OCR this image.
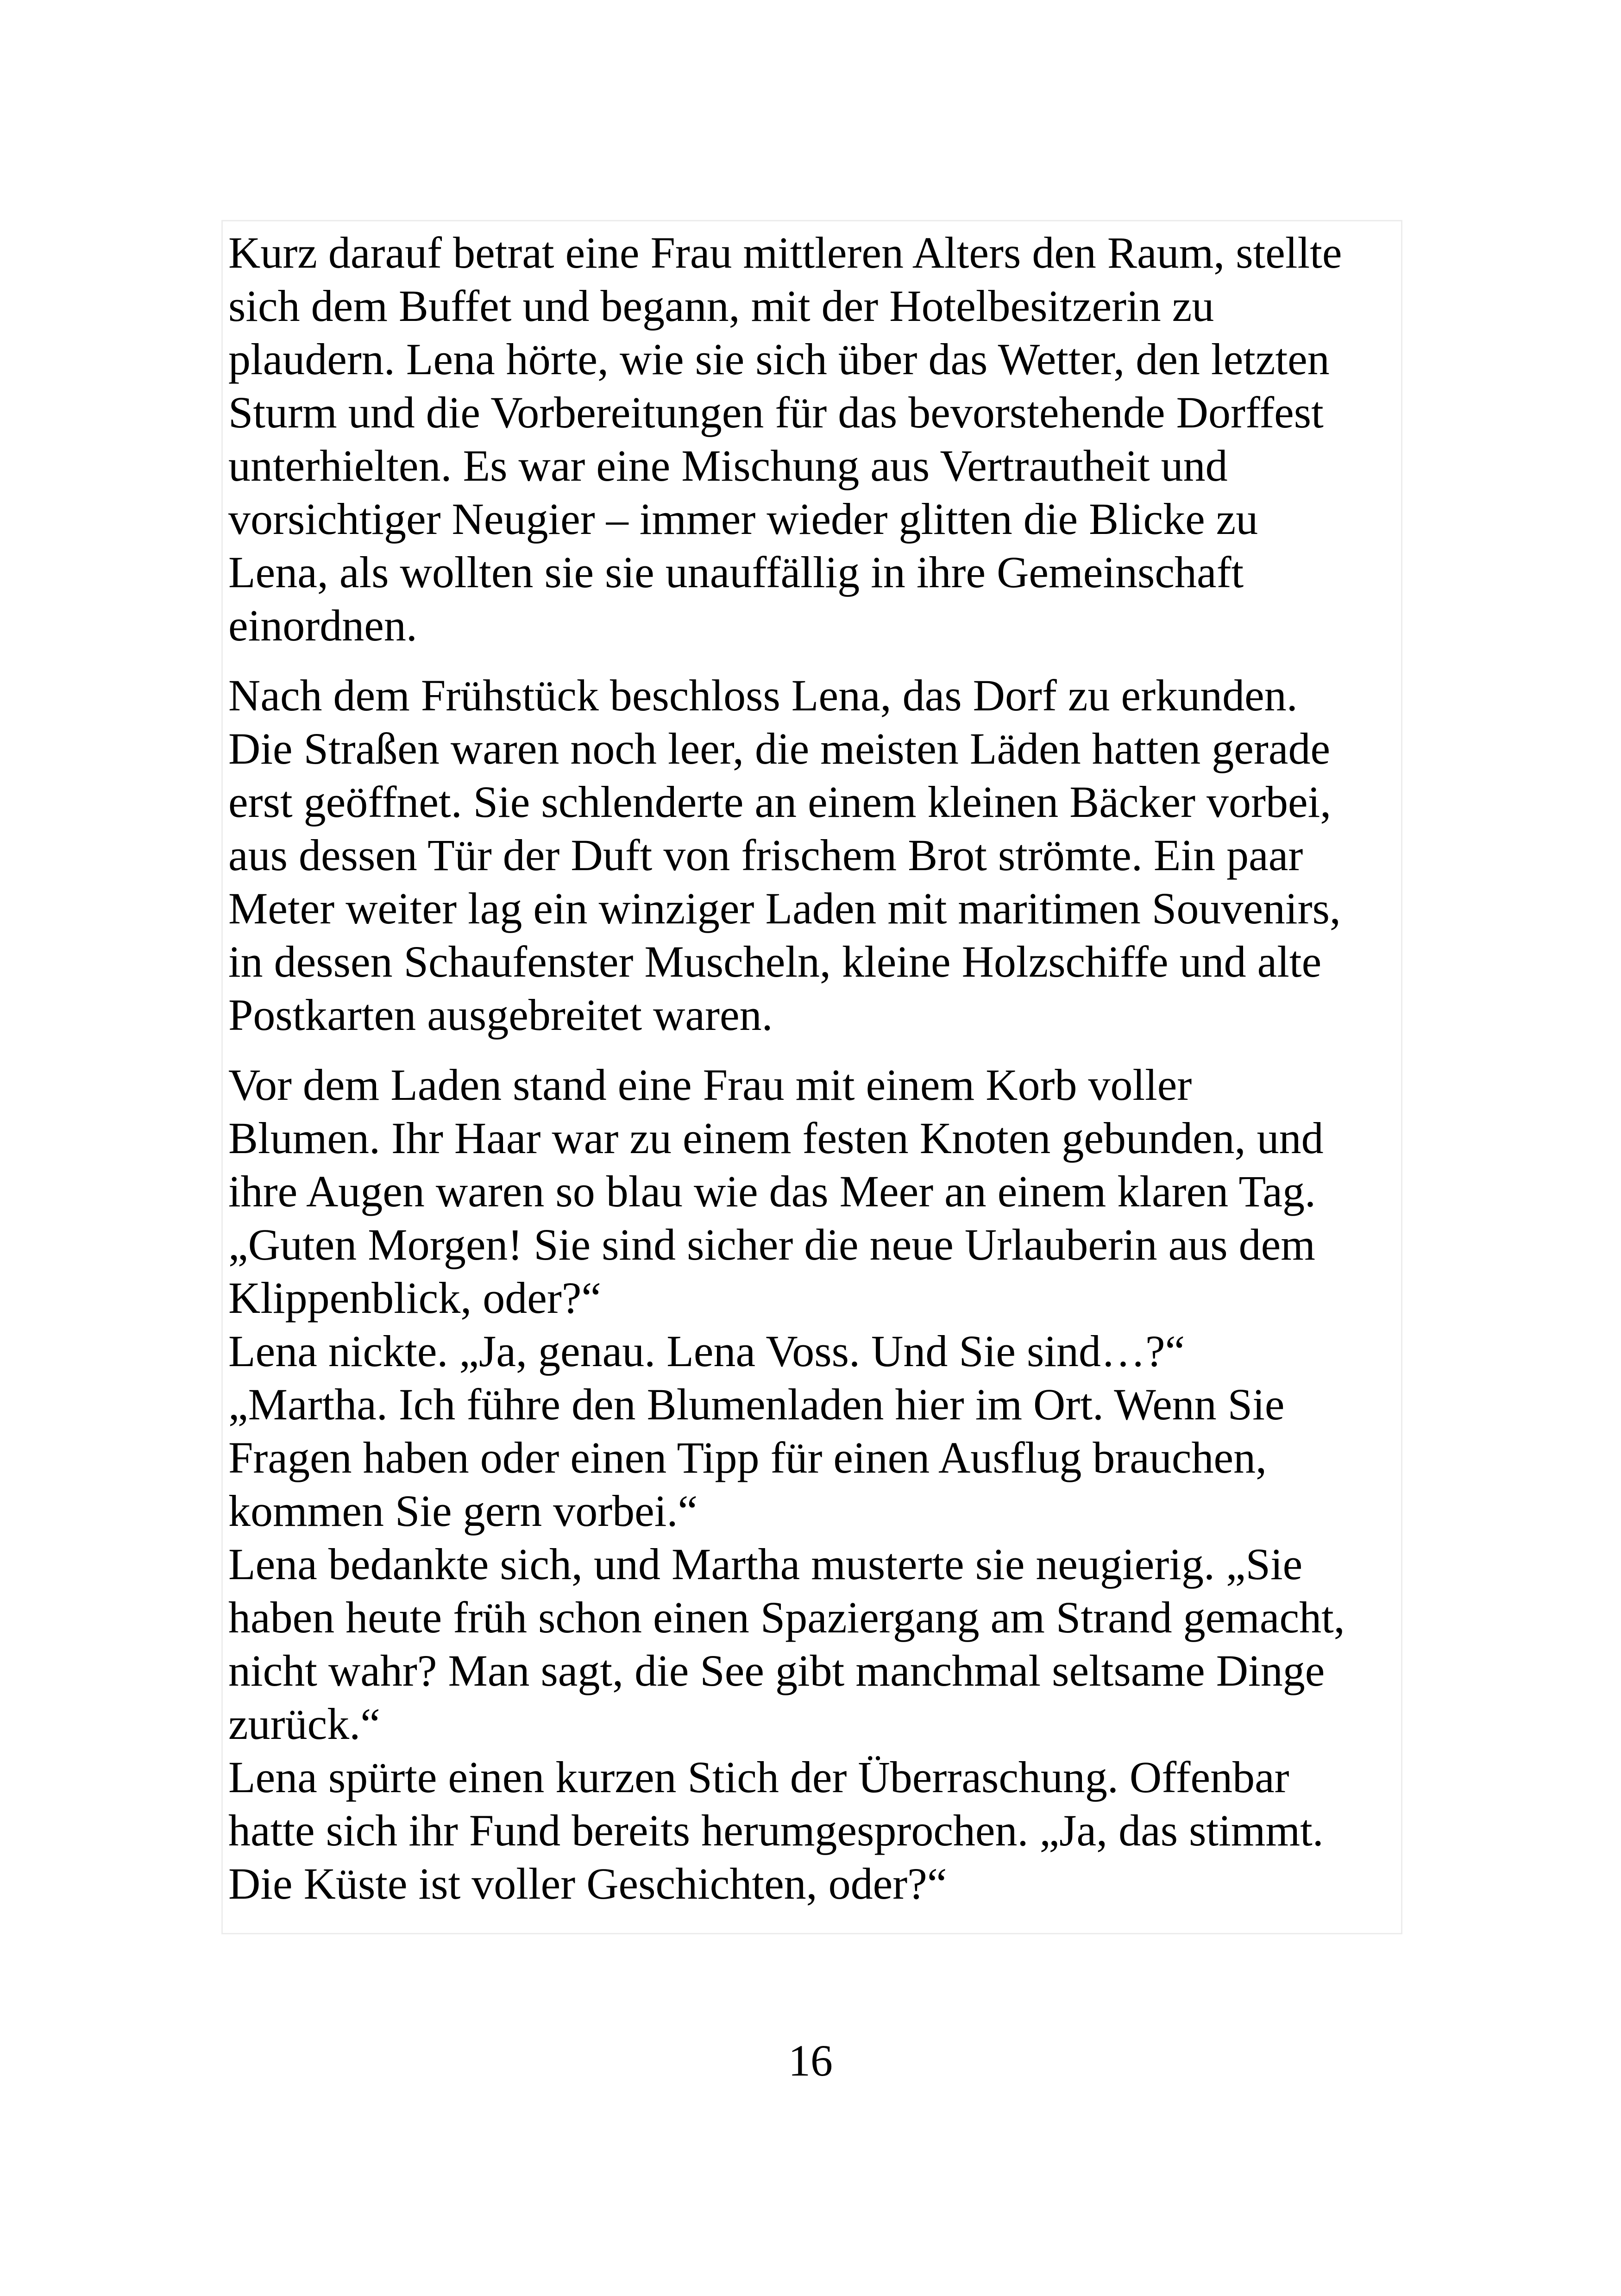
Kurz darauf betrat eine Frau mittleren Alters den Raum, stellte
sich dem Buffet und begann, mit der Hotelbesitzerin zu
plaudern. Lena hörte, wie sie sich über das Wetter, den letzten
Sturm und die Vorbereitungen für das bevorstehende Dorffest
unterhielten. Es war eine Mischung aus Vertrautheit und
vorsichtiger Neugier – immer wieder glitten die Blicke zu
Lena, als wollten sie sie unauffällig in ihre Gemeinschaft
einordnen.

Nach dem Frühstück beschloss Lena, das Dorf zu erkunden.
Die Straßen waren noch leer, die meisten Läden hatten gerade
erst geöffnet. Sie schlenderte an einem kleinen Bäcker vorbei,
aus dessen Tür der Duft von frischem Brot strömte. Ein paar
Meter weiter lag ein winziger Laden mit maritimen Souvenirs,
in dessen Schaufenster Muscheln, kleine Holzschiffe und alte
Postkarten ausgebreitet waren.

Vor dem Laden stand eine Frau mit einem Korb voller
Blumen. Ihr Haar war zu einem festen Knoten gebunden, und
ihre Augen waren so blau wie das Meer an einem klaren Tag.
„Guten Morgen! Sie sind sicher die neue Urlauberin aus dem
Klippenblick, oder?“
Lena nickte. „Ja, genau. Lena Voss. Und Sie sind…?“
„Martha. Ich führe den Blumenladen hier im Ort. Wenn Sie
Fragen haben oder einen Tipp für einen Ausflug brauchen,
kommen Sie gern vorbei.“
Lena bedankte sich, und Martha musterte sie neugierig. „Sie
haben heute früh schon einen Spaziergang am Strand gemacht,
nicht wahr? Man sagt, die See gibt manchmal seltsame Dinge
zurück.“
Lena spürte einen kurzen Stich der Überraschung. Offenbar
hatte sich ihr Fund bereits herumgesprochen. „Ja, das stimmt.
Die Küste ist voller Geschichten, oder?“

16
